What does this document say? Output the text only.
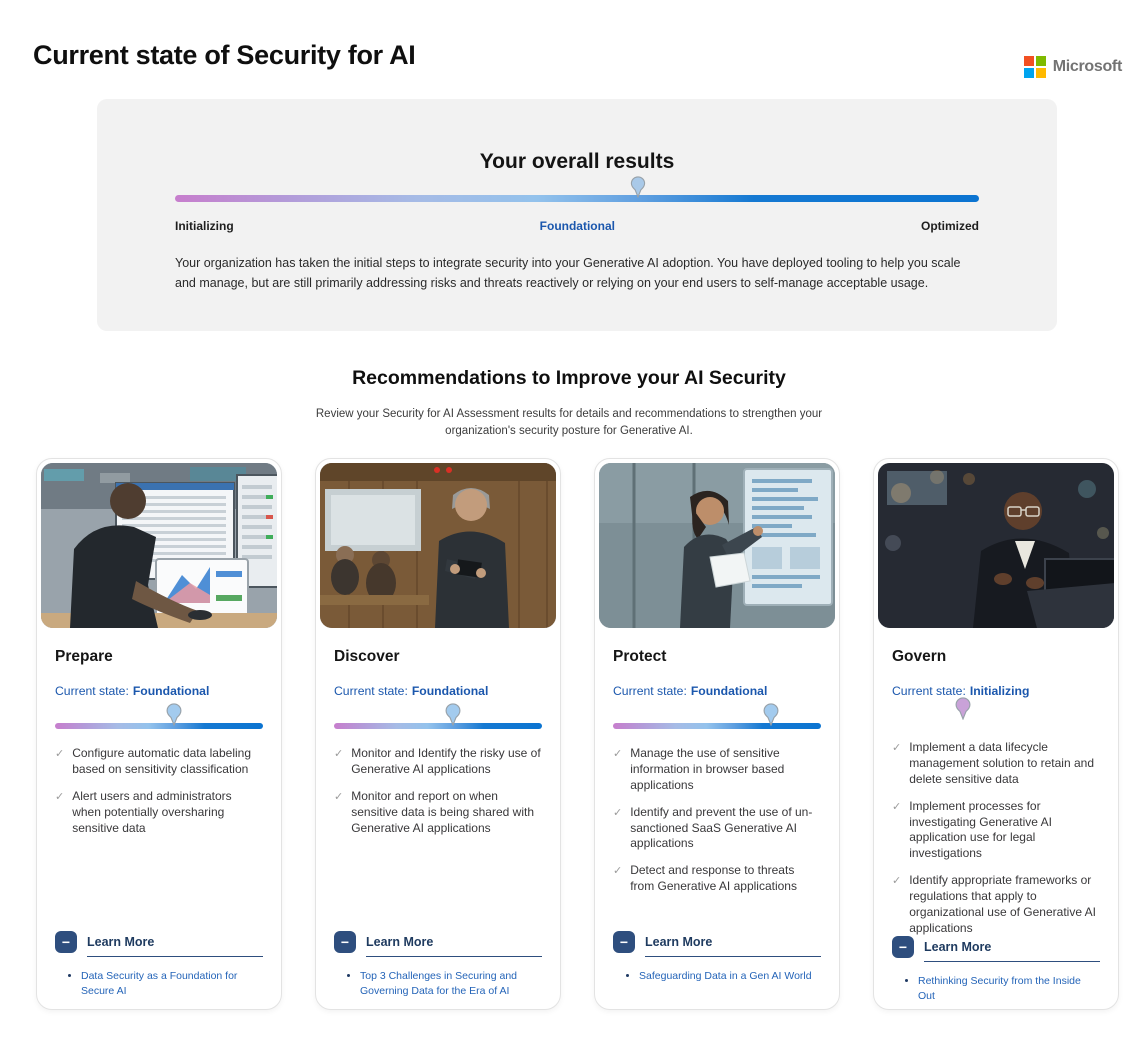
Microsoft
Current state of Security for AI
Your overall results
Initializing	Foundational	Optimized

Your organization has taken the initial steps to integrate security into your Generative AI adoption. You have deployed tooling to help you scale and manage, but are still primarily addressing risks and threats reactively or relying on your end users to self-manage acceptable usage.

Recommendations to Improve your AI Security

Review your Security for AI Assessment results for details and recommendations to strengthen your organization's security posture for Generative AI.

Prepare
Current state: Foundational
✓ Configure automatic data labeling based on sensitivity classification
✓ Alert users and administrators when potentially oversharing sensitive data
− Learn More
• Data Security as a Foundation for Secure AI
Discover
Current state: Foundational
✓ Monitor and Identify the risky use of Generative AI applications
✓ Monitor and report on when sensitive data is being shared with Generative AI applications
− Learn More
• Top 3 Challenges in Securing and Governing Data for the Era of AI
Protect
Current state: Foundational
✓ Manage the use of sensitive information in browser based applications
✓ Identify and prevent the use of un-sanctioned SaaS Generative AI applications
✓ Detect and response to threats from Generative AI applications
− Learn More
• Safeguarding Data in a Gen AI World
Govern
Current state: Initializing
✓ Implement a data lifecycle management solution to retain and delete sensitive data
✓ Implement processes for investigating Generative AI application use for legal investigations
✓ Identify appropriate frameworks or regulations that apply to organizational use of Generative AI applications
− Learn More
• Rethinking Security from the Inside Out
